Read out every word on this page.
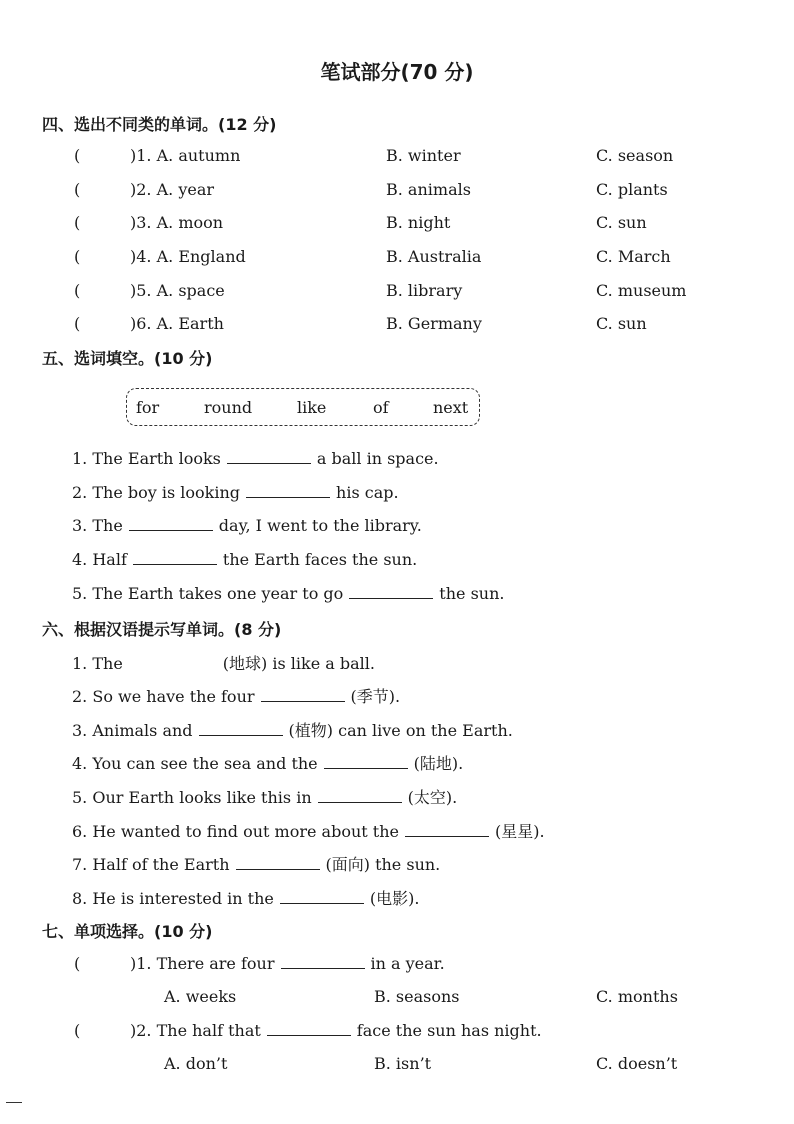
笔试部分(70 分)
四、选出不同类的单词。(12 分)
(	)1. A. autumn	B. winter	C. season
(	)2. A. year	B. animals	C. plants
(	)3. A. moon	B. night	C. sun
(	)4. A. England	B. Australia	C. March
(	)5. A. space	B. library	C. museum
(	)6. A. Earth	B. Germany	C. sun
五、选词填空。(10 分)
for	round	like	of	next
1. The Earth looks	a ball in space.
2. The boy is looking	his cap.
3. The	day, I went to the library.
4. Half	the Earth faces the sun.
5. The Earth takes one year to go	the sun.
六、根据汉语提示写单词。(8 分)
1. The	(地球) is like a ball.
2. So we have the four	(季节).
3. Animals and	(植物) can live on the Earth.
4. You can see the sea and the	(陆地).
5. Our Earth looks like this in	(太空).
6. He wanted to find out more about the	(星星).
7. Half of the Earth	(面向) the sun.
8. He is interested in the	(电影).
七、单项选择。(10 分)
(	)1. There are four	in a year.
A. weeks	B. seasons	C. months
(	)2. The half that	face the sun has night.
A. don’t	B. isn’t	C. doesn’t
